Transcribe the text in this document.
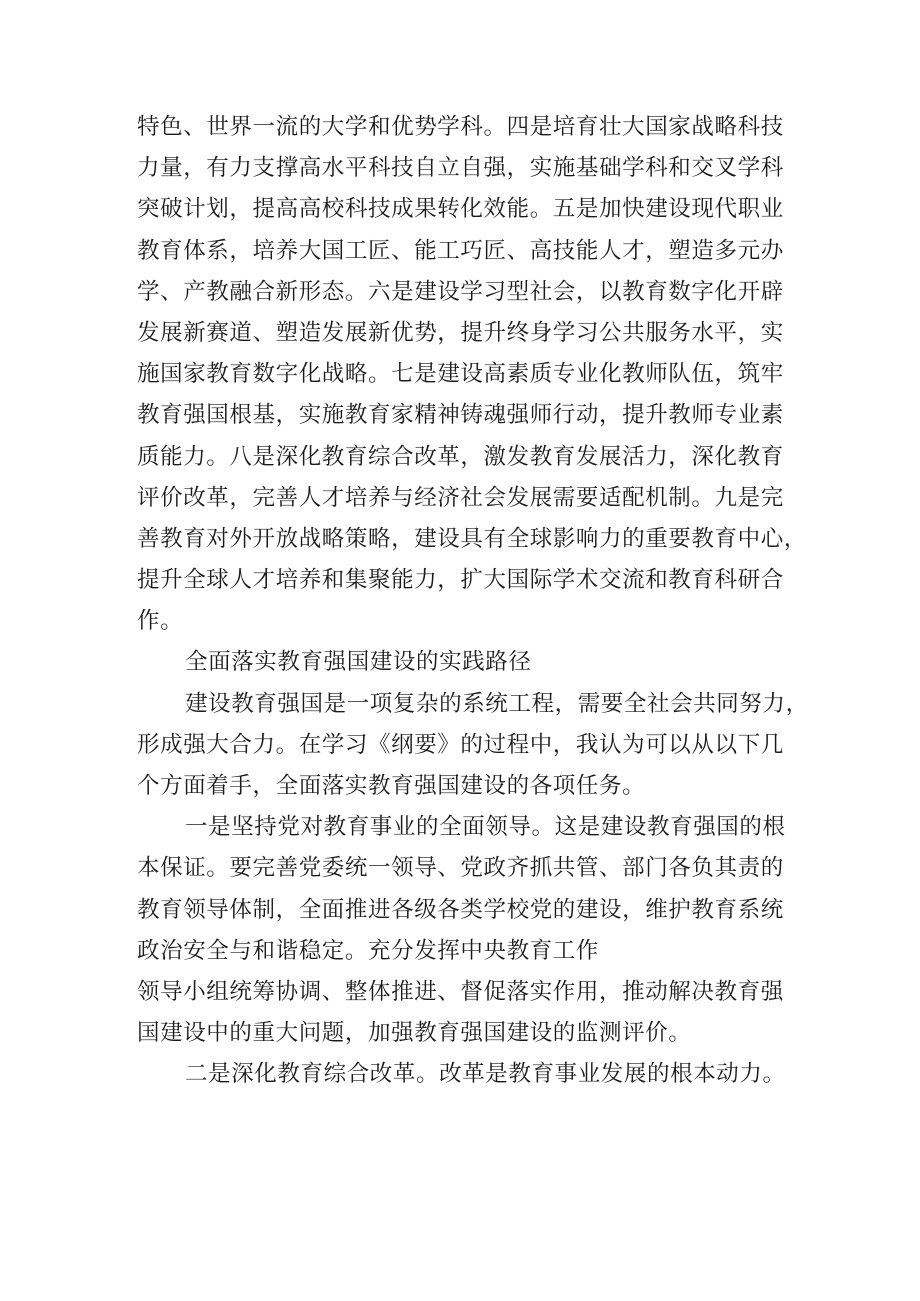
特色、世界一流的大学和优势学科。四是培育壮大国家战略科技
力量，有力支撑高水平科技自立自强，实施基础学科和交叉学科
突破计划，提高高校科技成果转化效能。五是加快建设现代职业
教育体系，培养大国工匠、能工巧匠、高技能人才，塑造多元办
学、产教融合新形态。六是建设学习型社会，以教育数字化开辟
发展新赛道、塑造发展新优势，提升终身学习公共服务水平，实
施国家教育数字化战略。七是建设高素质专业化教师队伍，筑牢
教育强国根基，实施教育家精神铸魂强师行动，提升教师专业素
质能力。八是深化教育综合改革，激发教育发展活力，深化教育
评价改革，完善人才培养与经济社会发展需要适配机制。九是完
善教育对外开放战略策略，建设具有全球影响力的重要教育中心，
提升全球人才培养和集聚能力，扩大国际学术交流和教育科研合
作。
全面落实教育强国建设的实践路径
建设教育强国是一项复杂的系统工程，需要全社会共同努力，
形成强大合力。在学习《纲要》的过程中，我认为可以从以下几
个方面着手，全面落实教育强国建设的各项任务。
一是坚持党对教育事业的全面领导。这是建设教育强国的根
本保证。要完善党委统一领导、党政齐抓共管、部门各负其责的
教育领导体制，全面推进各级各类学校党的建设，维护教育系统
政治安全与和谐稳定。充分发挥中央教育工作
领导小组统筹协调、整体推进、督促落实作用，推动解决教育强
国建设中的重大问题，加强教育强国建设的监测评价。
二是深化教育综合改革。改革是教育事业发展的根本动力。
